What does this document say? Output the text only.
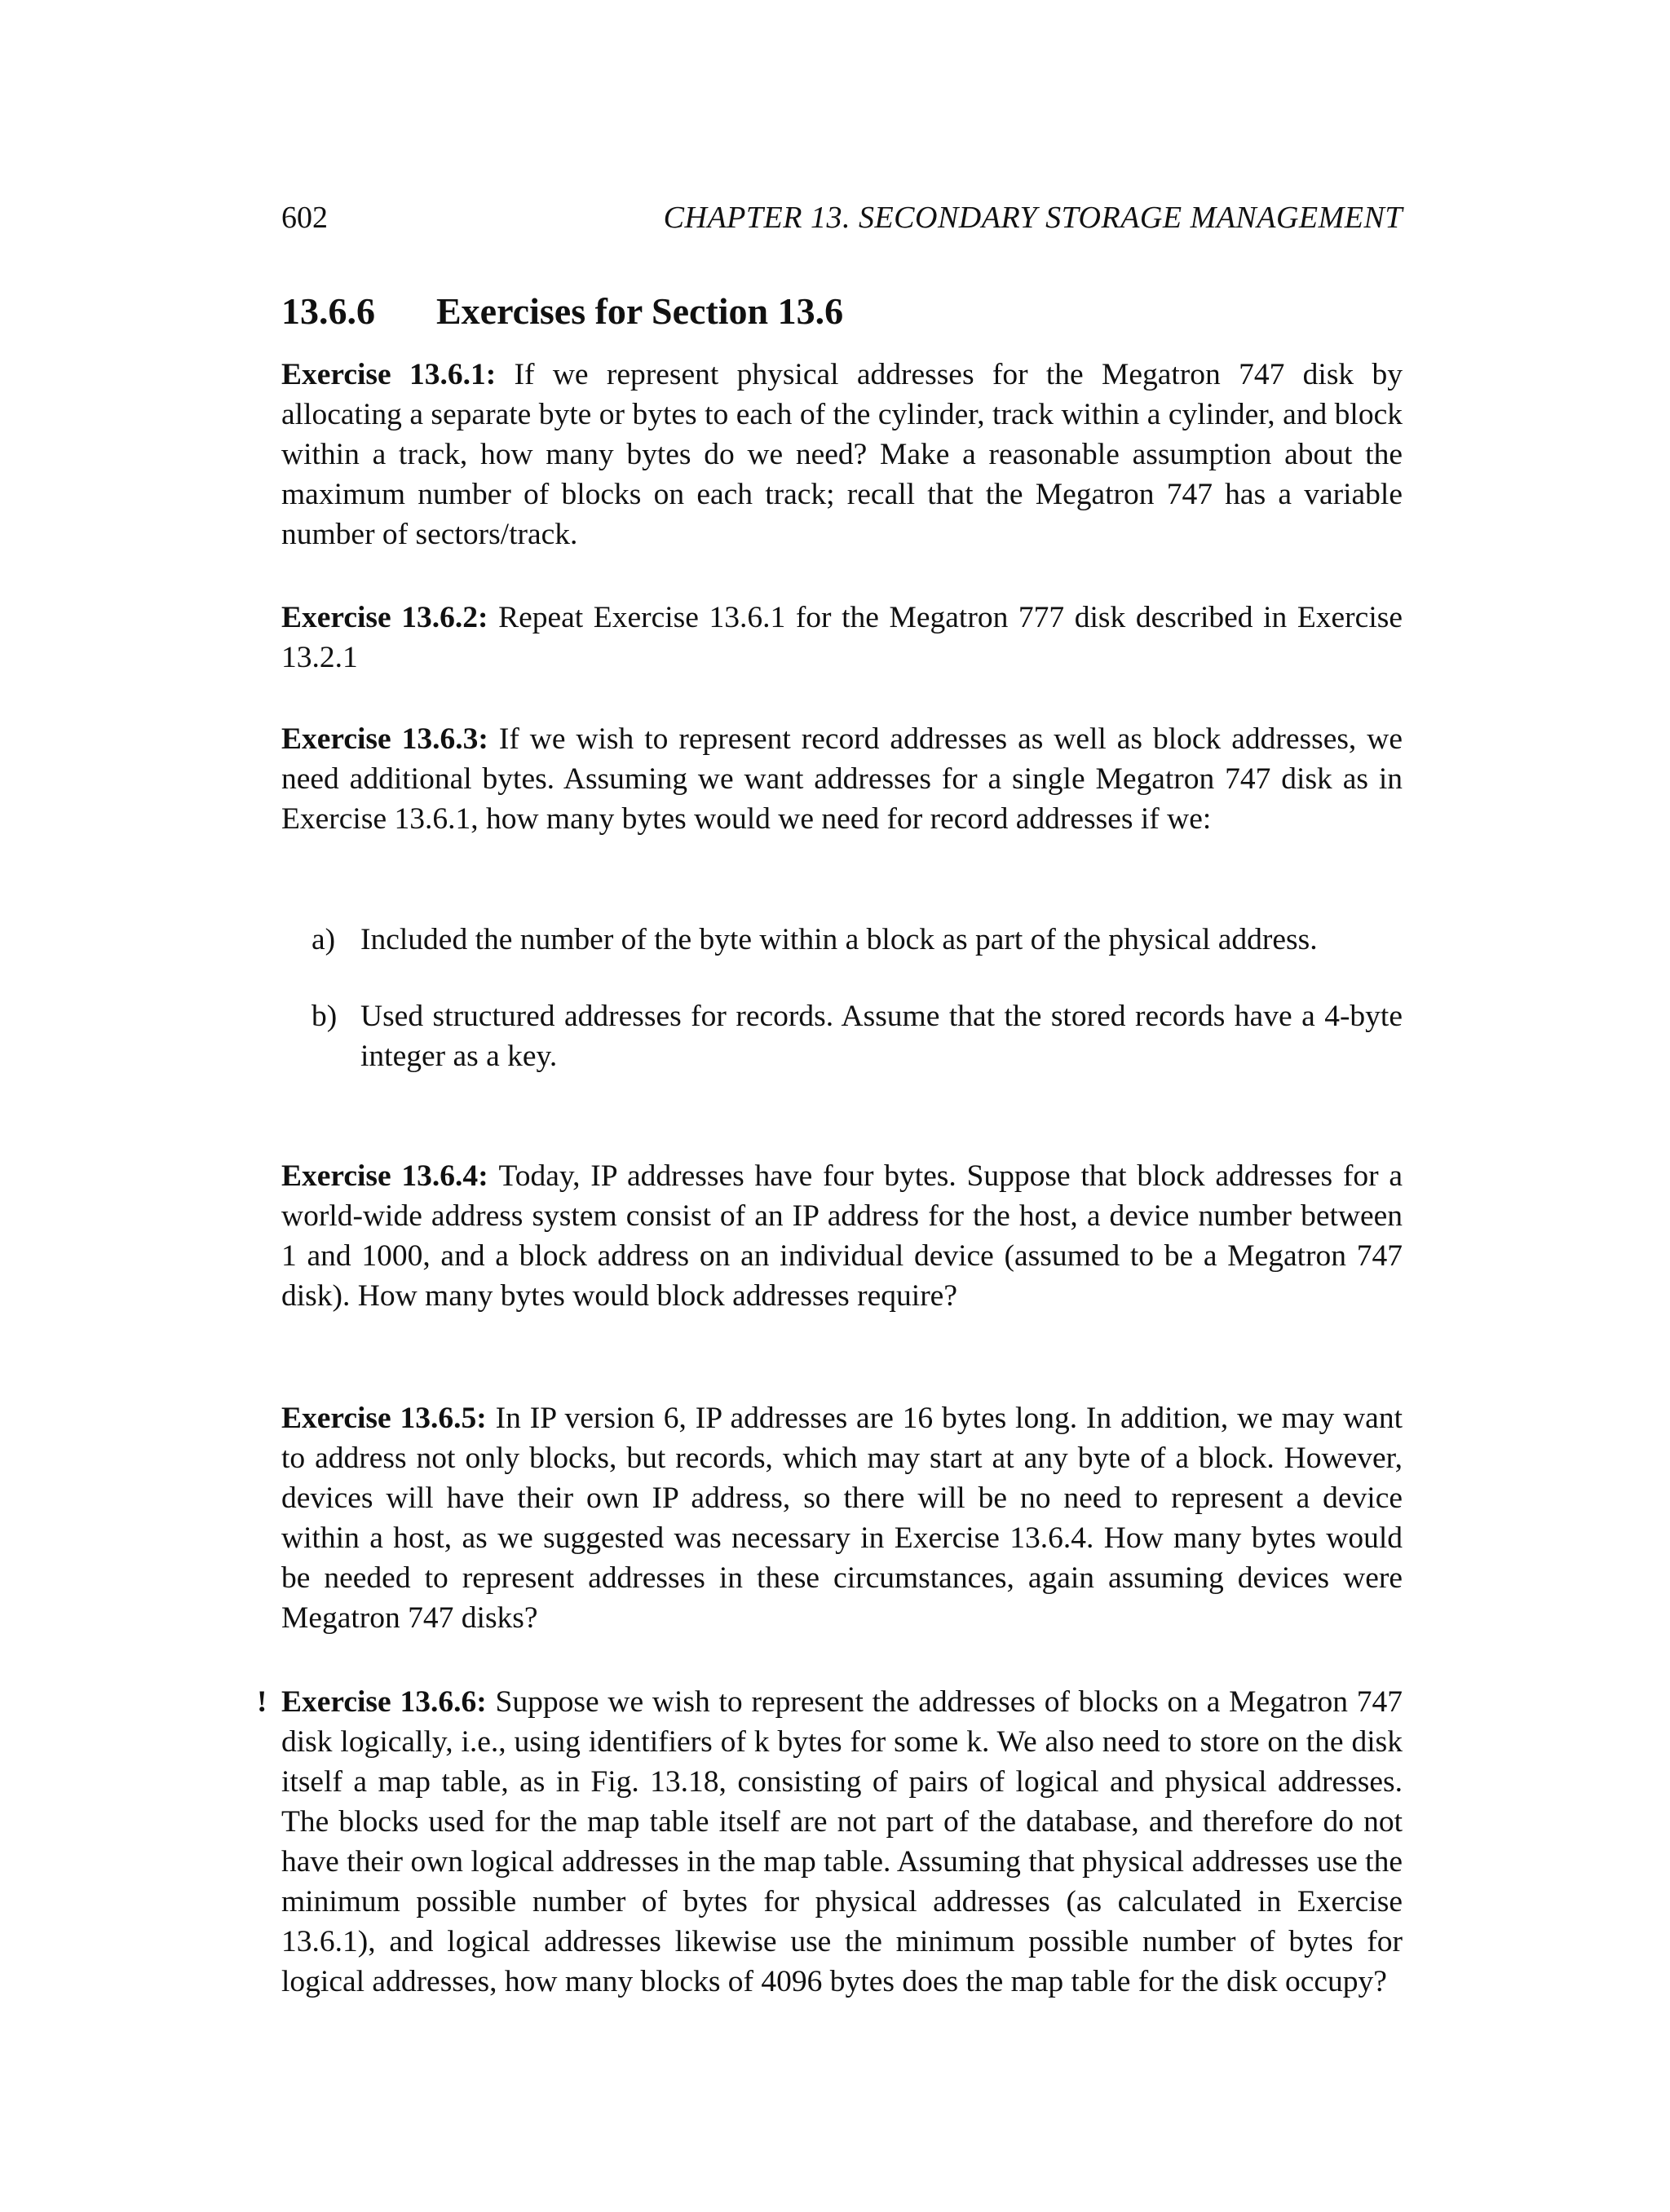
602	CHAPTER 13. SECONDARY STORAGE MANAGEMENT
13.6.6 Exercises for Section 13.6

Exercise 13.6.1: If we represent physical addresses for the Megatron 747 disk by allocating a separate byte or bytes to each of the cylinder, track within a cylinder, and block within a track, how many bytes do we need? Make a reasonable assumption about the maximum number of blocks on each track; recall that the Megatron 747 has a variable number of sectors/track.

Exercise 13.6.2: Repeat Exercise 13.6.1 for the Megatron 777 disk described in Exercise 13.2.1

Exercise 13.6.3: If we wish to represent record addresses as well as block addresses, we need additional bytes. Assuming we want addresses for a single Megatron 747 disk as in Exercise 13.6.1, how many bytes would we need for record addresses if we:

a) Included the number of the byte within a block as part of the physical address.
b) Used structured addresses for records. Assume that the stored records have a 4-byte integer as a key.

Exercise 13.6.4: Today, IP addresses have four bytes. Suppose that block addresses for a world-wide address system consist of an IP address for the host, a device number between 1 and 1000, and a block address on an individual device (assumed to be a Megatron 747 disk). How many bytes would block addresses require?

Exercise 13.6.5: In IP version 6, IP addresses are 16 bytes long. In addition, we may want to address not only blocks, but records, which may start at any byte of a block. However, devices will have their own IP address, so there will be no need to represent a device within a host, as we suggested was necessary in Exercise 13.6.4. How many bytes would be needed to represent addresses in these circumstances, again assuming devices were Megatron 747 disks?

! Exercise 13.6.6: Suppose we wish to represent the addresses of blocks on a Megatron 747 disk logically, i.e., using identifiers of k bytes for some k. We also need to store on the disk itself a map table, as in Fig. 13.18, consisting of pairs of logical and physical addresses. The blocks used for the map table itself are not part of the database, and therefore do not have their own logical addresses in the map table. Assuming that physical addresses use the minimum possible number of bytes for physical addresses (as calculated in Exercise 13.6.1), and logical addresses likewise use the minimum possible number of bytes for logical addresses, how many blocks of 4096 bytes does the map table for the disk occupy?
